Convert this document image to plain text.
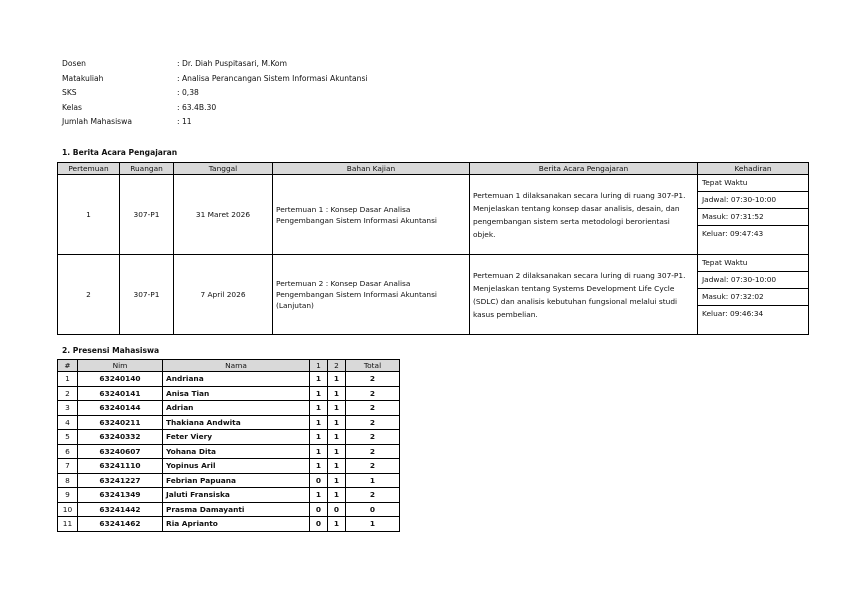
Dosen	: Dr. Diah Puspitasari, M.Kom
Matakuliah	: Analisa Perancangan Sistem Informasi Akuntansi
SKS	: 0,38
Kelas	: 63.4B.30
Jumlah Mahasiswa	: 11
1. Berita Acara Pengajaran
Pertemuan	Ruangan	Tanggal	Bahan Kajian	Berita Acara Pengajaran	Kehadiran
1	307-P1	31 Maret 2026	Pertemuan 1 : Konsep Dasar Analisa Pengembangan Sistem Informasi Akuntansi	Pertemuan 1 dilaksanakan secara luring di ruang 307-P1. Menjelaskan tentang konsep dasar analisis, desain, dan pengembangan sistem serta metodologi berorientasi objek.	Tepat Waktu
Jadwal: 07:30-10:00
Masuk: 07:31:52
Keluar: 09:47:43

2	307-P1	7 April 2026	Pertemuan 2 : Konsep Dasar Analisa Pengembangan Sistem Informasi Akuntansi (Lanjutan)	Pertemuan 2 dilaksanakan secara luring di ruang 307-P1. Menjelaskan tentang Systems Development Life Cycle (SDLC) dan analisis kebutuhan fungsional melalui studi kasus pembelian.	Tepat Waktu
Jadwal: 07:30-10:00
Masuk: 07:32:02
Keluar: 09:46:34
2. Presensi Mahasiswa
#	Nim	Nama	1	2	Total
1	63240140	Andriana	1	1	2
2	63240141	Anisa Tian	1	1	2
3	63240144	Adrian	1	1	2
4	63240211	Thakiana Andwita	1	1	2
5	63240332	Feter Viery	1	1	2
6	63240607	Yohana Dita	1	1	2
7	63241110	Yopinus Aril	1	1	2
8	63241227	Febrian Papuana	0	1	1
9	63241349	Jaluti Fransiska	1	1	2
10	63241442	Prasma Damayanti	0	0	0
11	63241462	Ria Aprianto	0	1	1
